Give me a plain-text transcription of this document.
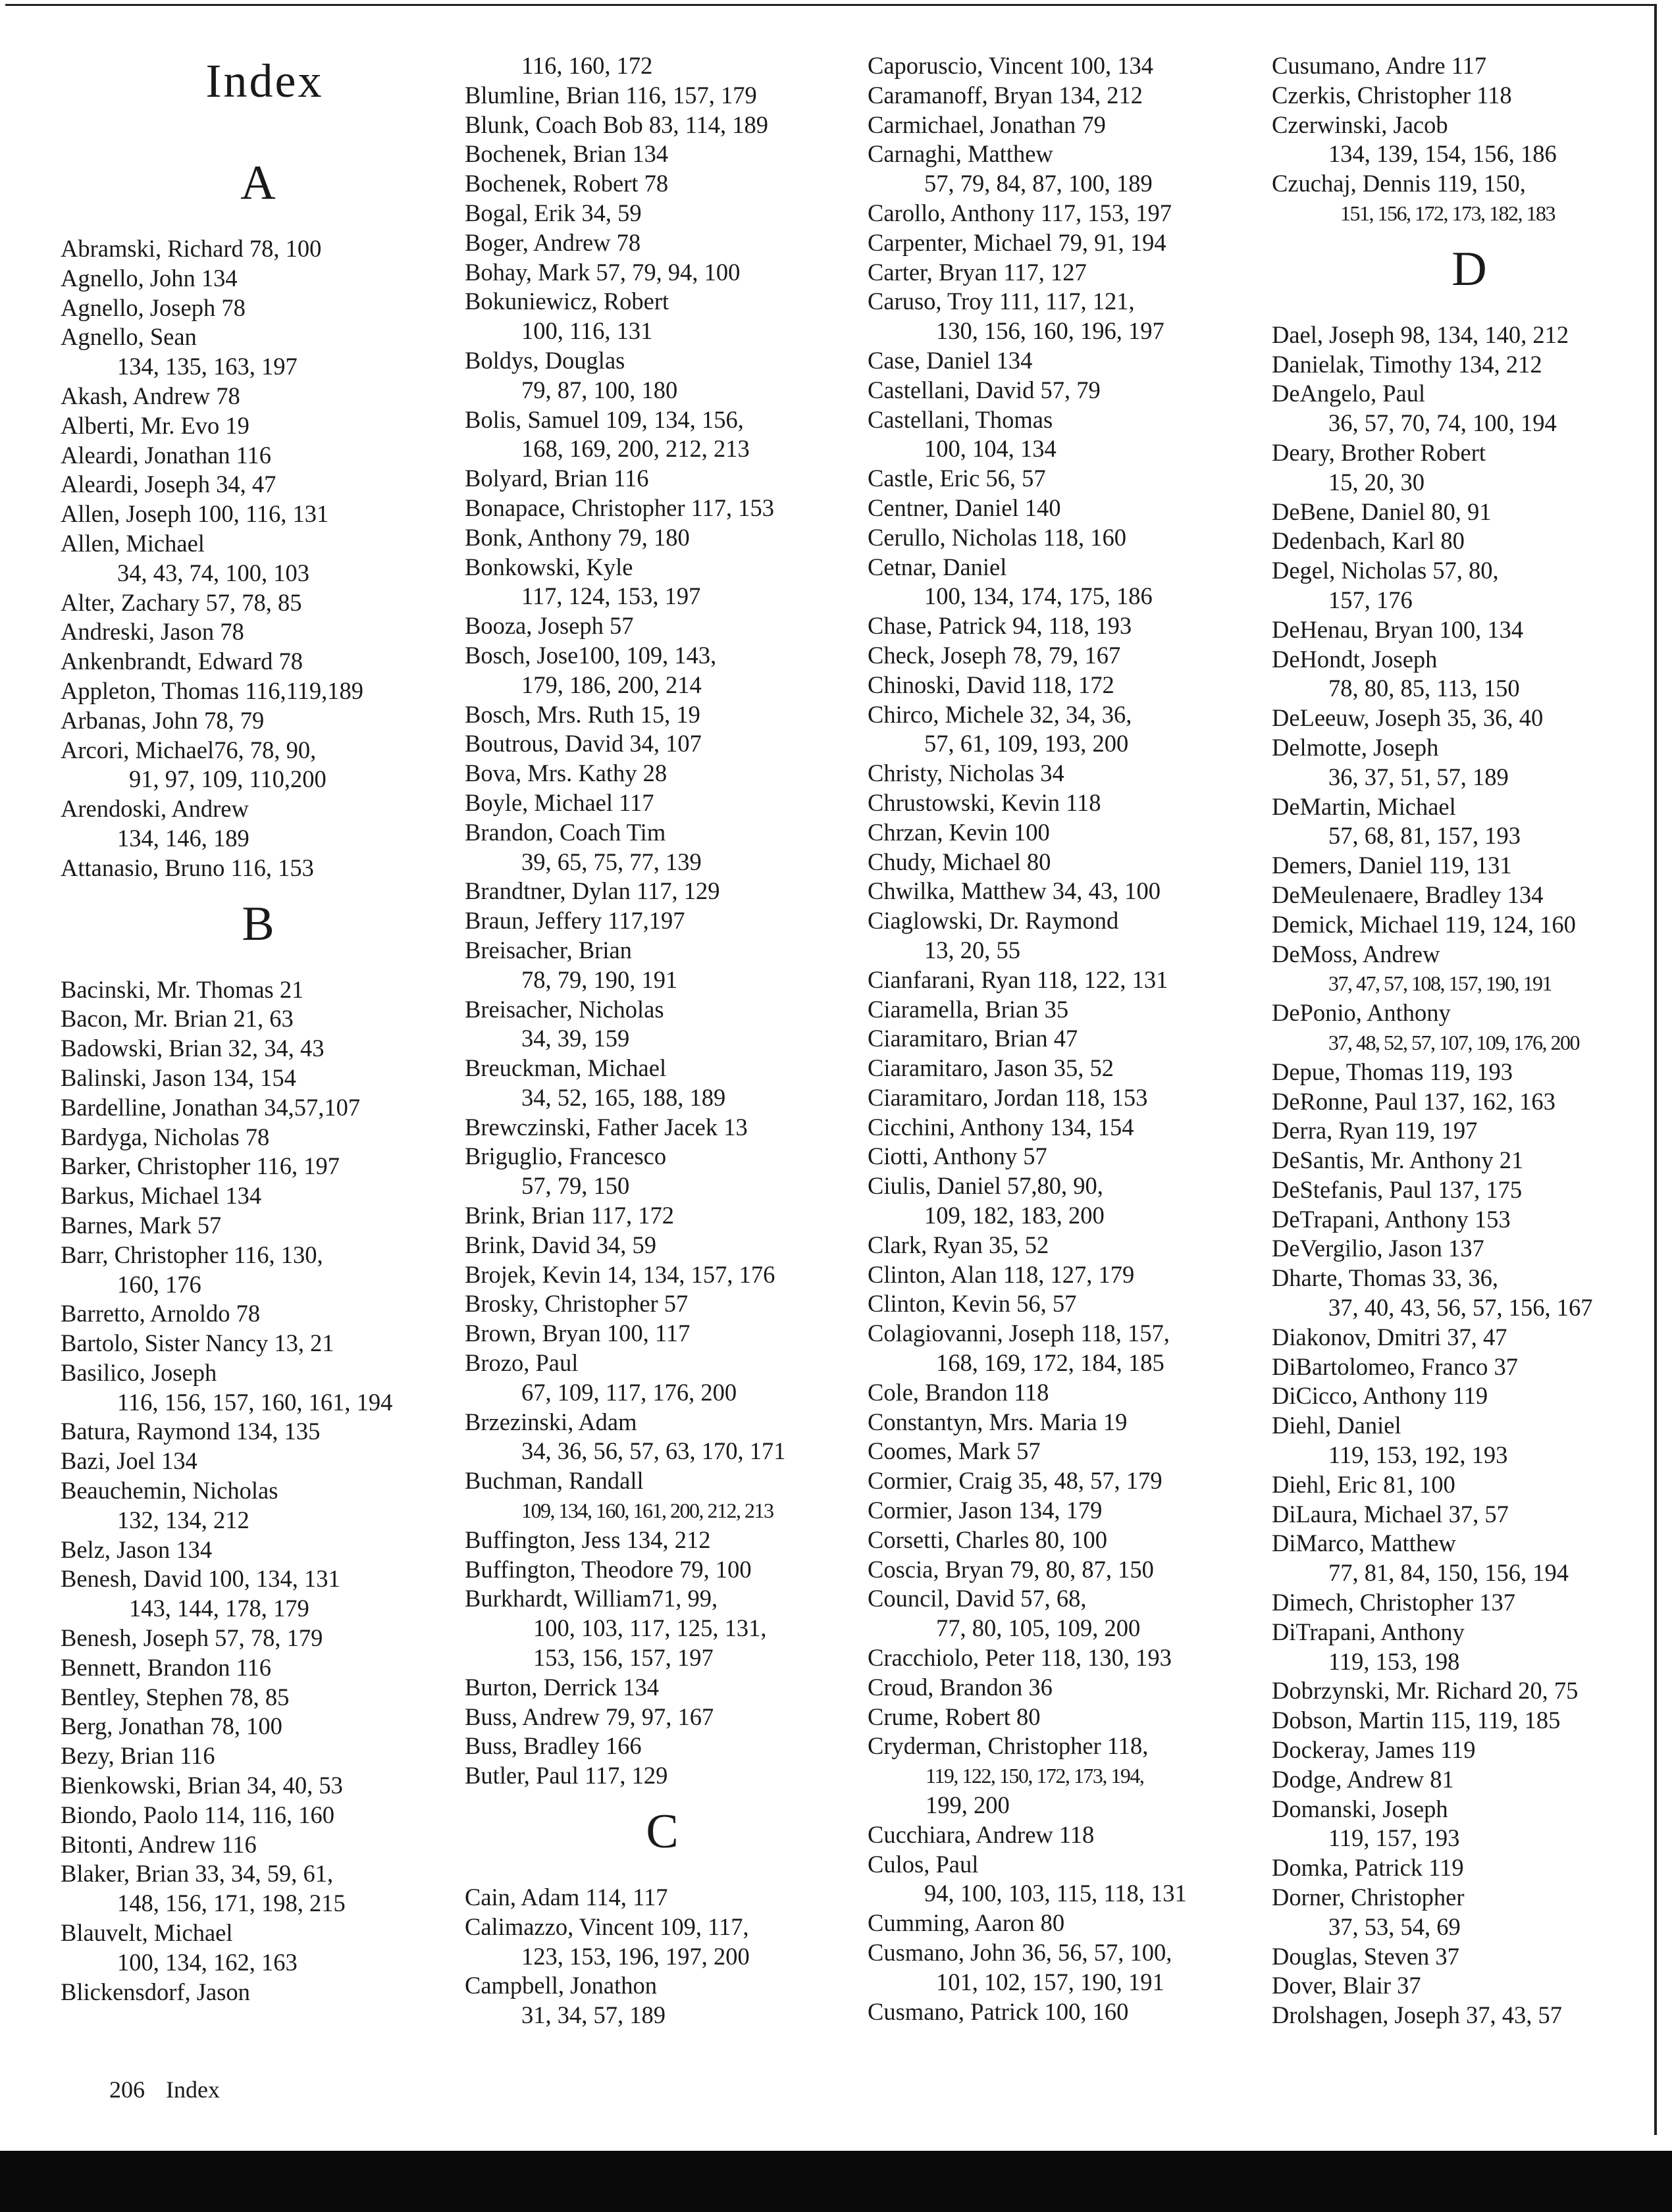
Index
A
Abramski, Richard 78, 100
Agnello, John 134
Agnello, Joseph 78
Agnello, Sean
134, 135, 163, 197
Akash, Andrew 78
Alberti, Mr. Evo 19
Aleardi, Jonathan 116
Aleardi, Joseph 34, 47
Allen, Joseph 100, 116, 131
Allen, Michael
34, 43, 74, 100, 103
Alter, Zachary 57, 78, 85
Andreski, Jason 78
Ankenbrandt, Edward 78
Appleton, Thomas 116,119,189
Arbanas, John 78, 79
Arcori, Michael76, 78, 90,
91, 97, 109, 110,200
Arendoski, Andrew
134, 146, 189
Attanasio, Bruno 116, 153
B
Bacinski, Mr. Thomas 21
Bacon, Mr. Brian 21, 63
Badowski, Brian 32, 34, 43
Balinski, Jason 134, 154
Bardelline, Jonathan 34,57,107
Bardyga, Nicholas 78
Barker, Christopher 116, 197
Barkus, Michael 134
Barnes, Mark 57
Barr, Christopher 116, 130,
160, 176
Barretto, Arnoldo 78
Bartolo, Sister Nancy 13, 21
Basilico, Joseph
116, 156, 157, 160, 161, 194
Batura, Raymond 134, 135
Bazi, Joel 134
Beauchemin, Nicholas
132, 134, 212
Belz, Jason 134
Benesh, David 100, 134, 131
143, 144, 178, 179
Benesh, Joseph 57, 78, 179
Bennett, Brandon 116
Bentley, Stephen 78, 85
Berg, Jonathan 78, 100
Bezy, Brian 116
Bienkowski, Brian 34, 40, 53
Biondo, Paolo 114, 116, 160
Bitonti, Andrew 116
Blaker, Brian 33, 34, 59, 61,
148, 156, 171, 198, 215
Blauvelt, Michael
100, 134, 162, 163
Blickensdorf, Jason
116, 160, 172
Blumline, Brian 116, 157, 179
Blunk, Coach Bob 83, 114, 189
Bochenek, Brian 134
Bochenek, Robert 78
Bogal, Erik 34, 59
Boger, Andrew 78
Bohay, Mark 57, 79, 94, 100
Bokuniewicz, Robert
100, 116, 131
Boldys, Douglas
79, 87, 100, 180
Bolis, Samuel 109, 134, 156,
168, 169, 200, 212, 213
Bolyard, Brian 116
Bonapace, Christopher 117, 153
Bonk, Anthony 79, 180
Bonkowski, Kyle
117, 124, 153, 197
Booza, Joseph 57
Bosch, Jose100, 109, 143,
179, 186, 200, 214
Bosch, Mrs. Ruth 15, 19
Boutrous, David 34, 107
Bova, Mrs. Kathy 28
Boyle, Michael 117
Brandon, Coach Tim
39, 65, 75, 77, 139
Brandtner, Dylan 117, 129
Braun, Jeffery 117,197
Breisacher, Brian
78, 79, 190, 191
Breisacher, Nicholas
34, 39, 159
Breuckman, Michael
34, 52, 165, 188, 189
Brewczinski, Father Jacek 13
Briguglio, Francesco
57, 79, 150
Brink, Brian 117, 172
Brink, David 34, 59
Brojek, Kevin 14, 134, 157, 176
Brosky, Christopher 57
Brown, Bryan 100, 117
Brozo, Paul
67, 109, 117, 176, 200
Brzezinski, Adam
34, 36, 56, 57, 63, 170, 171
Buchman, Randall
109, 134, 160, 161, 200, 212, 213
Buffington, Jess 134, 212
Buffington, Theodore 79, 100
Burkhardt, William71, 99,
100, 103, 117, 125, 131,
153, 156, 157, 197
Burton, Derrick 134
Buss, Andrew 79, 97, 167
Buss, Bradley 166
Butler, Paul 117, 129
C
Cain, Adam 114, 117
Calimazzo, Vincent 109, 117,
123, 153, 196, 197, 200
Campbell, Jonathon
31, 34, 57, 189
Caporuscio, Vincent 100, 134
Caramanoff, Bryan 134, 212
Carmichael, Jonathan 79
Carnaghi, Matthew
57, 79, 84, 87, 100, 189
Carollo, Anthony 117, 153, 197
Carpenter, Michael 79, 91, 194
Carter, Bryan 117, 127
Caruso, Troy 111, 117, 121,
130, 156, 160, 196, 197
Case, Daniel 134
Castellani, David 57, 79
Castellani, Thomas
100, 104, 134
Castle, Eric 56, 57
Centner, Daniel 140
Cerullo, Nicholas 118, 160
Cetnar, Daniel
100, 134, 174, 175, 186
Chase, Patrick 94, 118, 193
Check, Joseph 78, 79, 167
Chinoski, David 118, 172
Chirco, Michele 32, 34, 36,
57, 61, 109, 193, 200
Christy, Nicholas 34
Chrustowski, Kevin 118
Chrzan, Kevin 100
Chudy, Michael 80
Chwilka, Matthew 34, 43, 100
Ciaglowski, Dr. Raymond
13, 20, 55
Cianfarani, Ryan 118, 122, 131
Ciaramella, Brian 35
Ciaramitaro, Brian 47
Ciaramitaro, Jason 35, 52
Ciaramitaro, Jordan 118, 153
Cicchini, Anthony 134, 154
Ciotti, Anthony 57
Ciulis, Daniel 57,80, 90,
109, 182, 183, 200
Clark, Ryan 35, 52
Clinton, Alan 118, 127, 179
Clinton, Kevin 56, 57
Colagiovanni, Joseph 118, 157,
168, 169, 172, 184, 185
Cole, Brandon 118
Constantyn, Mrs. Maria 19
Coomes, Mark 57
Cormier, Craig 35, 48, 57, 179
Cormier, Jason 134, 179
Corsetti, Charles 80, 100
Coscia, Bryan 79, 80, 87, 150
Council, David 57, 68,
77, 80, 105, 109, 200
Cracchiolo, Peter 118, 130, 193
Croud, Brandon 36
Crume, Robert 80
Cryderman, Christopher 118,
119, 122, 150, 172, 173, 194,
199, 200
Cucchiara, Andrew 118
Culos, Paul
94, 100, 103, 115, 118, 131
Cumming, Aaron 80
Cusmano, John 36, 56, 57, 100,
101, 102, 157, 190, 191
Cusmano, Patrick 100, 160
Cusumano, Andre 117
Czerkis, Christopher 118
Czerwinski, Jacob
134, 139, 154, 156, 186
Czuchaj, Dennis 119, 150,
151, 156, 172, 173, 182, 183
D
Dael, Joseph 98, 134, 140, 212
Danielak, Timothy 134, 212
DeAngelo, Paul
36, 57, 70, 74, 100, 194
Deary, Brother Robert
15, 20, 30
DeBene, Daniel 80, 91
Dedenbach, Karl 80
Degel, Nicholas 57, 80,
157, 176
DeHenau, Bryan 100, 134
DeHondt, Joseph
78, 80, 85, 113, 150
DeLeeuw, Joseph 35, 36, 40
Delmotte, Joseph
36, 37, 51, 57, 189
DeMartin, Michael
57, 68, 81, 157, 193
Demers, Daniel 119, 131
DeMeulenaere, Bradley 134
Demick, Michael 119, 124, 160
DeMoss, Andrew
37, 47, 57, 108, 157, 190, 191
DePonio, Anthony
37, 48, 52, 57, 107, 109, 176, 200
Depue, Thomas 119, 193
DeRonne, Paul 137, 162, 163
Derra, Ryan 119, 197
DeSantis, Mr. Anthony 21
DeStefanis, Paul 137, 175
DeTrapani, Anthony 153
DeVergilio, Jason 137
Dharte, Thomas 33, 36,
37, 40, 43, 56, 57, 156, 167
Diakonov, Dmitri 37, 47
DiBartolomeo, Franco 37
DiCicco, Anthony 119
Diehl, Daniel
119, 153, 192, 193
Diehl, Eric 81, 100
DiLaura, Michael 37, 57
DiMarco, Matthew
77, 81, 84, 150, 156, 194
Dimech, Christopher 137
DiTrapani, Anthony
119, 153, 198
Dobrzynski, Mr. Richard 20, 75
Dobson, Martin 115, 119, 185
Dockeray, James 119
Dodge, Andrew 81
Domanski, Joseph
119, 157, 193
Domka, Patrick 119
Dorner, Christopher
37, 53, 54, 69
Douglas, Steven 37
Dover, Blair 37
Drolshagen, Joseph 37, 43, 57
206 Index
